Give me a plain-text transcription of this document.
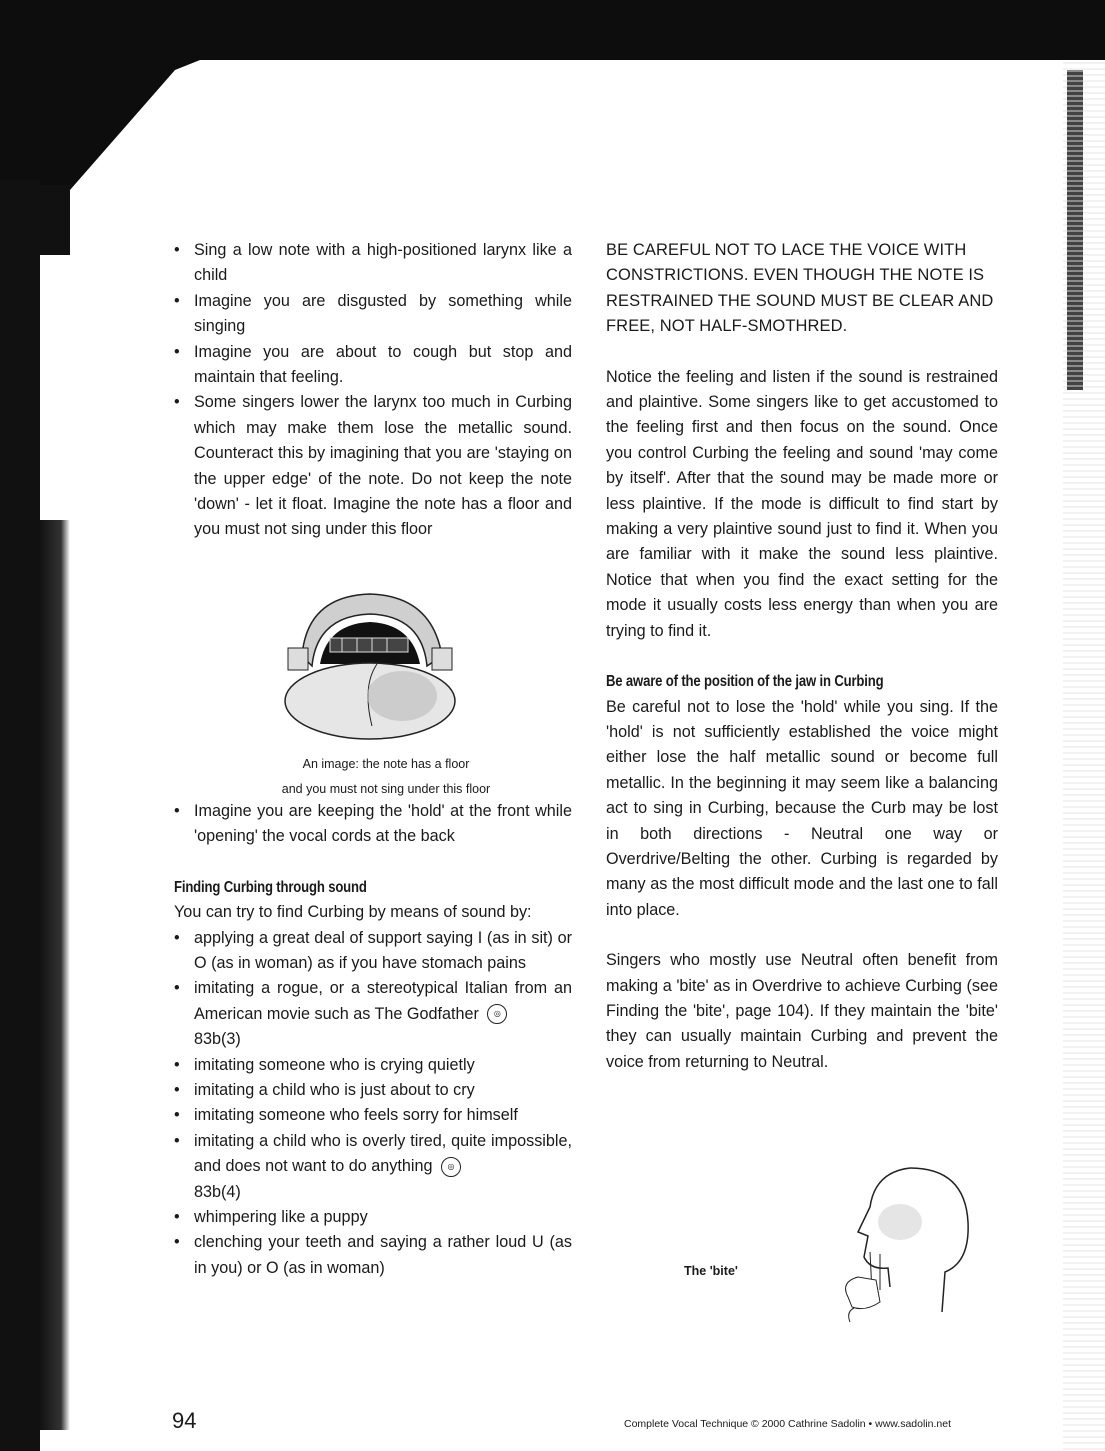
• Sing a low note with a high-positioned larynx like a child
• Imagine you are disgusted by something while singing
• Imagine you are about to cough but stop and maintain that feeling.
• Some singers lower the larynx too much in Curbing which may make them lose the metallic sound. Counteract this by imagining that you are 'staying on the upper edge' of the note. Do not keep the note 'down' - let it float. Imagine the note has a floor and you must not sing under this floor
• Imagine you are keeping the 'hold' at the front while 'opening' the vocal cords at the back
Finding Curbing through sound
You can try to find Curbing by means of sound by:
• applying a great deal of support saying I (as in sit) or O (as in woman) as if you have stomach pains
• imitating a rogue, or a stereotypical Italian from an American movie such as The Godfather ◎
83b(3)
• imitating someone who is crying quietly
• imitating a child who is just about to cry
• imitating someone who feels sorry for himself
• imitating a child who is overly tired, quite impossible, and does not want to do anything ◎
83b(4)
• whimpering like a puppy
• clenching your teeth and saying a rather loud U (as in you) or O (as in woman)
An image: the note has a floor
and you must not sing under this floor
BE CAREFUL NOT TO LACE THE VOICE WITH CONSTRICTIONS. EVEN THOUGH THE NOTE IS RESTRAINED THE SOUND MUST BE CLEAR AND FREE, NOT HALF-SMOTHRED.
Notice the feeling and listen if the sound is restrained and plaintive. Some singers like to get accustomed to the feeling first and then focus on the sound. Once you control Curbing the feeling and sound 'may come by itself'. After that the sound may be made more or less plaintive. If the mode is difficult to find start by making a very plaintive sound just to find it. When you are familiar with it make the sound less plaintive. Notice that when you find the exact setting for the mode it usually costs less energy than when you are trying to find it.
Be aware of the position of the jaw in Curbing
Be careful not to lose the 'hold' while you sing. If the 'hold' is not sufficiently established the voice might either lose the half metallic sound or become full metallic. In the beginning it may seem like a balancing act to sing in Curbing, because the Curb may be lost in both directions - Neutral one way or Overdrive/Belting the other. Curbing is regarded by many as the most difficult mode and the last one to fall into place.
Singers who mostly use Neutral often benefit from making a 'bite' as in Overdrive to achieve Curbing (see Finding the 'bite', page 104). If they maintain the 'bite' they can usually maintain Curbing and prevent the voice from returning to Neutral.
The 'bite'
94	Complete Vocal Technique © 2000 Cathrine Sadolin • www.sadolin.net
